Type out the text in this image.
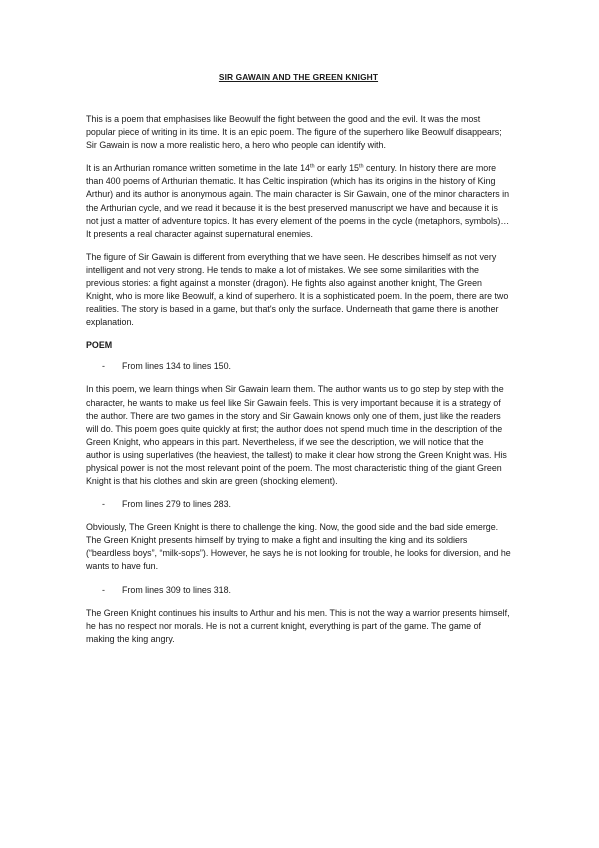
SIR GAWAIN AND THE GREEN KNIGHT

This is a poem that emphasises like Beowulf the fight between the good and the evil. It was the most popular piece of writing in its time. It is an epic poem. The figure of the superhero like Beowulf disappears; Sir Gawain is now a more realistic hero, a hero who people can identify with.

It is an Arthurian romance written sometime in the late 14th or early 15th century. In history there are more than 400 poems of Arthurian thematic. It has Celtic inspiration (which has its origins in the history of King Arthur) and its author is anonymous again. The main character is Sir Gawain, one of the minor characters in the Arthurian cycle, and we read it because it is the best preserved manuscript we have and because it is not just a matter of adventure topics. It has every element of the poems in the cycle (metaphors, symbols)… It presents a real character against supernatural enemies.

The figure of Sir Gawain is different from everything that we have seen. He describes himself as not very intelligent and not very strong. He tends to make a lot of mistakes. We see some similarities with the previous stories: a fight against a monster (dragon). He fights also against another knight, The Green Knight, who is more like Beowulf, a kind of superhero. It is a sophisticated poem. In the poem, there are two realities. The story is based in a game, but that's only the surface. Underneath that game there is another explanation.

POEM
-	From lines 134 to lines 150.

In this poem, we learn things when Sir Gawain learn them. The author wants us to go step by step with the character, he wants to make us feel like Sir Gawain feels. This is very important because it is a strategy of the author. There are two games in the story and Sir Gawain knows only one of them, just like the readers will do. This poem goes quite quickly at first; the author does not spend much time in the description of the Green Knight, who appears in this part. Nevertheless, if we see the description, we will notice that the author is using superlatives (the heaviest, the tallest) to make it clear how strong the Green Knight was. His physical power is not the most relevant point of the poem. The most characteristic thing of the giant Green Knight is that his clothes and skin are green (shocking element).

-	From lines 279 to lines 283.

Obviously, The Green Knight is there to challenge the king. Now, the good side and the bad side emerge. The Green Knight presents himself by trying to make a fight and insulting the king and its soldiers (“beardless boys”, “milk-sops”). However, he says he is not looking for trouble, he looks for diversion, and he wants to have fun.

-	From lines 309 to lines 318.

The Green Knight continues his insults to Arthur and his men. This is not the way a warrior presents himself, he has no respect nor morals. He is not a current knight, everything is part of the game. The game of making the king angry.
